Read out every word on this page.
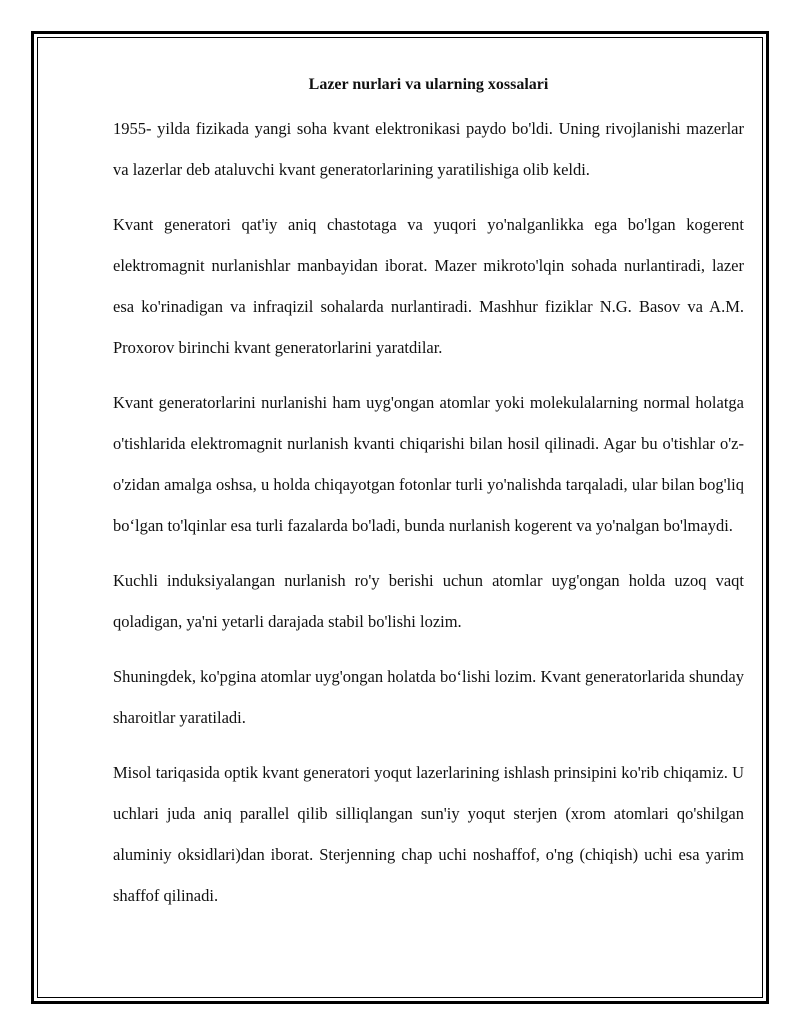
Lazer nurlari va ularning xossalari

1955- yilda fizikada yangi soha kvant elektronikasi paydo bo'ldi. Uning rivojlanishi mazerlar va lazerlar deb ataluvchi kvant generatorlarining yaratilishiga olib keldi.

Kvant generatori qat'iy aniq chastotaga va yuqori yo'nalganlikka ega bo'lgan kogerent elektromagnit nurlanishlar manbayidan iborat. Mazer mikroto'lqin sohada nurlantiradi, lazer esa ko'rinadigan va infraqizil sohalarda nurlantiradi. Mashhur fiziklar N.G. Basov va A.M. Proxorov birinchi kvant generatorlarini yaratdilar.

Kvant generatorlarini nurlanishi ham uyg'ongan atomlar yoki molekulalarning normal holatga o'tishlarida elektromagnit nurlanish kvanti chiqarishi bilan hosil qilinadi. Agar bu o'tishlar o'z-o'zidan amalga oshsa, u holda chiqayotgan fotonlar turli yo'nalishda tarqaladi, ular bilan bog'liq bo‘lgan to'lqinlar esa turli fazalarda bo'ladi, bunda nurlanish kogerent va yo'nalgan bo'lmaydi.

Kuchli induksiyalangan nurlanish ro'y berishi uchun atomlar uyg'ongan holda uzoq vaqt qoladigan, ya'ni yetarli darajada stabil bo'lishi lozim.

Shuningdek, ko'pgina atomlar uyg'ongan holatda bo‘lishi lozim. Kvant generatorlarida shunday sharoitlar yaratiladi.

Misol tariqasida optik kvant generatori yoqut lazerlarining ishlash prinsipini ko'rib chiqamiz. U uchlari juda aniq parallel qilib silliqlangan sun'iy yoqut sterjen (xrom atomlari qo'shilgan aluminiy oksidlari)dan iborat. Sterjenning chap uchi noshaffof, o'ng (chiqish) uchi esa yarim shaffof qilinadi.
